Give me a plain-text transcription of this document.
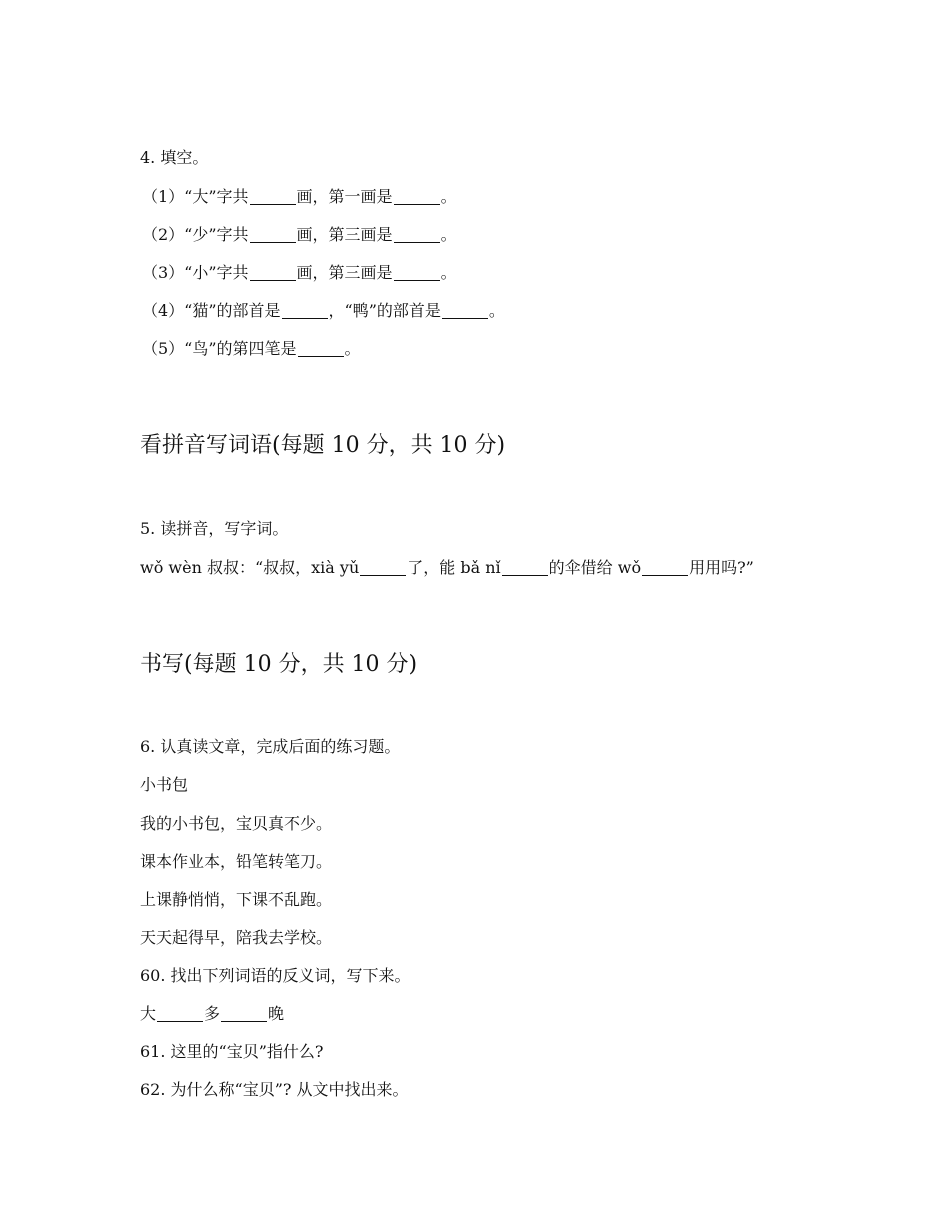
4. 填空。
（1）“大”字共	画，第一画是	。
（2）“少”字共	画，第三画是	。
（3）“小”字共	画，第三画是	。
（4）“猫”的部首是	，“鸭”的部首是	。
（5）“鸟”的第四笔是	。
看拼音写词语(每题 10 分，共 10 分)
5. 读拼音，写字词。
wǒ wèn 叔叔：“叔叔，xià yǔ	了，能 bǎ nǐ	的伞借给 wǒ	用用吗?”
书写(每题 10 分，共 10 分)
6. 认真读文章，完成后面的练习题。
小书包
我的小书包，宝贝真不少。
课本作业本，铅笔转笔刀。
上课静悄悄，下课不乱跑。
天天起得早，陪我去学校。
60. 找出下列词语的反义词，写下来。
大	多	晚
61. 这里的“宝贝”指什么?
62. 为什么称“宝贝”? 从文中找出来。
